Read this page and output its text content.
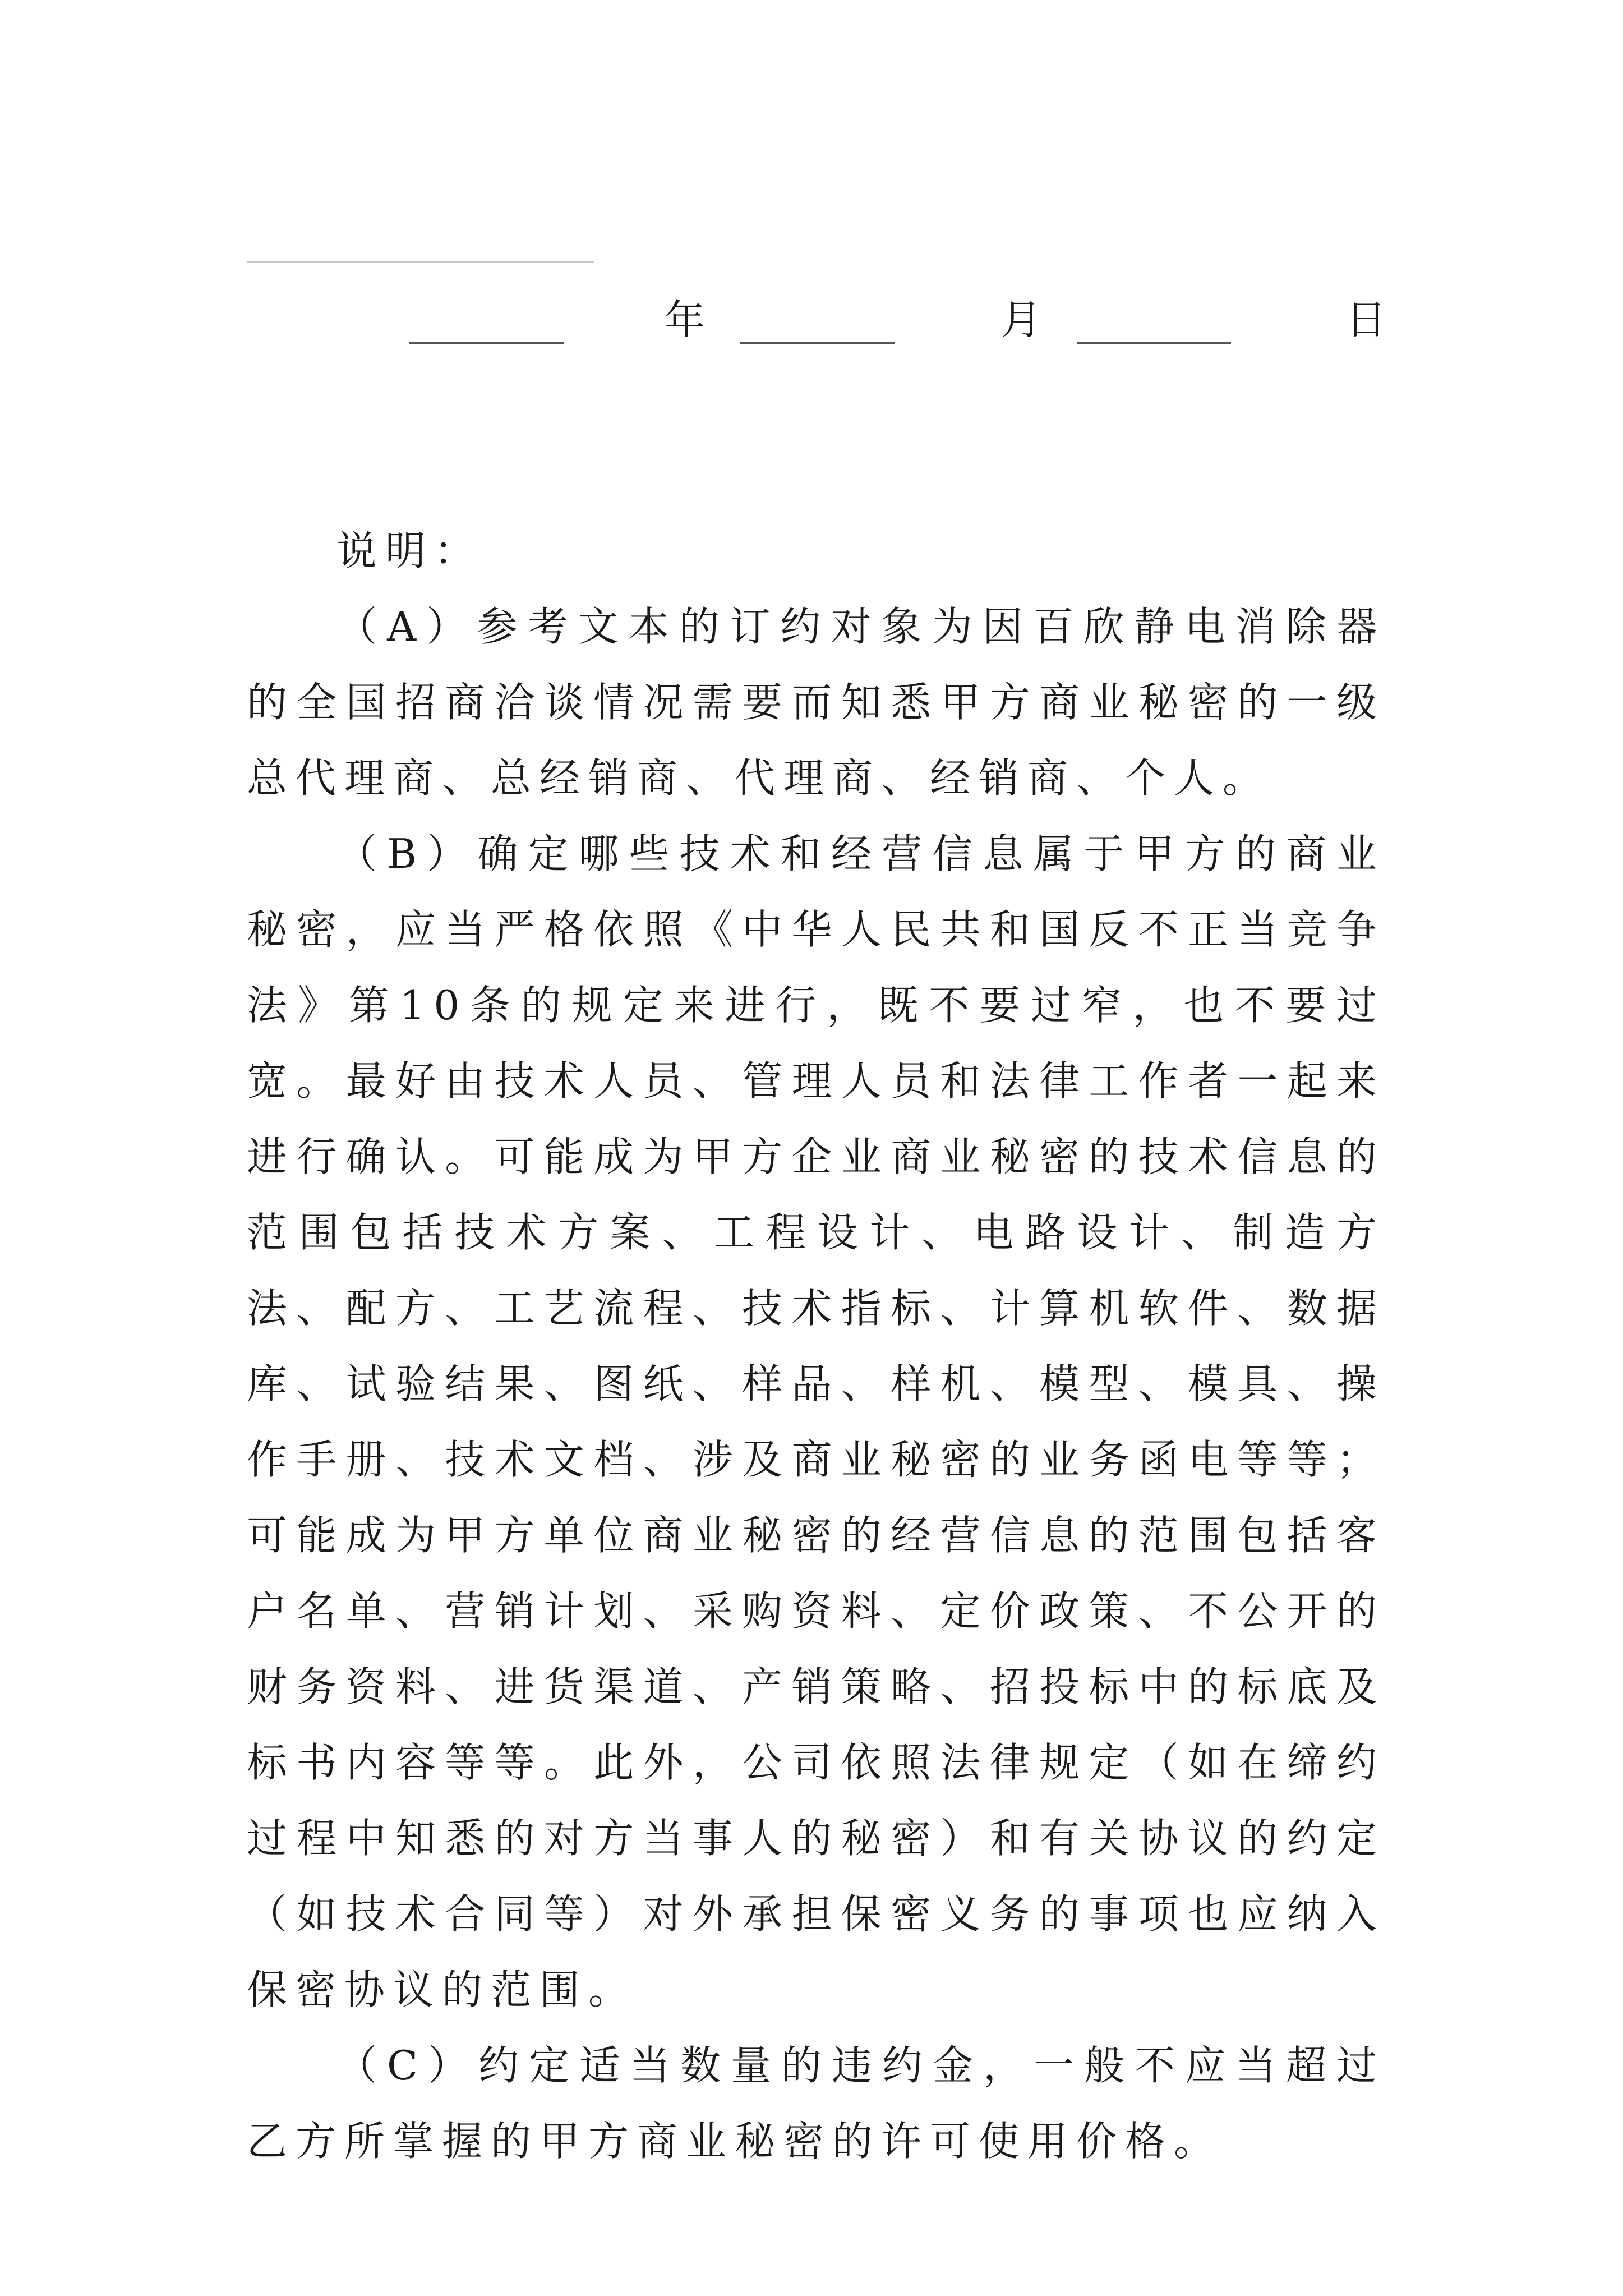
年	月	日

说明：

（A）参考文本的订约对象为因百欣静电消除器的全国招商洽谈情况需要而知悉甲方商业秘密的一级总代理商、总经销商、代理商、经销商、个人。

（B）确定哪些技术和经营信息属于甲方的商业秘密，应当严格依照《中华人民共和国反不正当竞争法》第10条的规定来进行，既不要过窄，也不要过宽。最好由技术人员、管理人员和法律工作者一起来进行确认。可能成为甲方企业商业秘密的技术信息的范围包括技术方案、工程设计、电路设计、制造方法、配方、工艺流程、技术指标、计算机软件、数据库、试验结果、图纸、样品、样机、模型、模具、操作手册、技术文档、涉及商业秘密的业务函电等等；可能成为甲方单位商业秘密的经营信息的范围包括客户名单、营销计划、采购资料、定价政策、不公开的财务资料、进货渠道、产销策略、招投标中的标底及标书内容等等。此外，公司依照法律规定（如在缔约过程中知悉的对方当事人的秘密）和有关协议的约定（如技术合同等）对外承担保密义务的事项也应纳入保密协议的范围。

（C）约定适当数量的违约金，一般不应当超过乙方所掌握的甲方商业秘密的许可使用价格。
